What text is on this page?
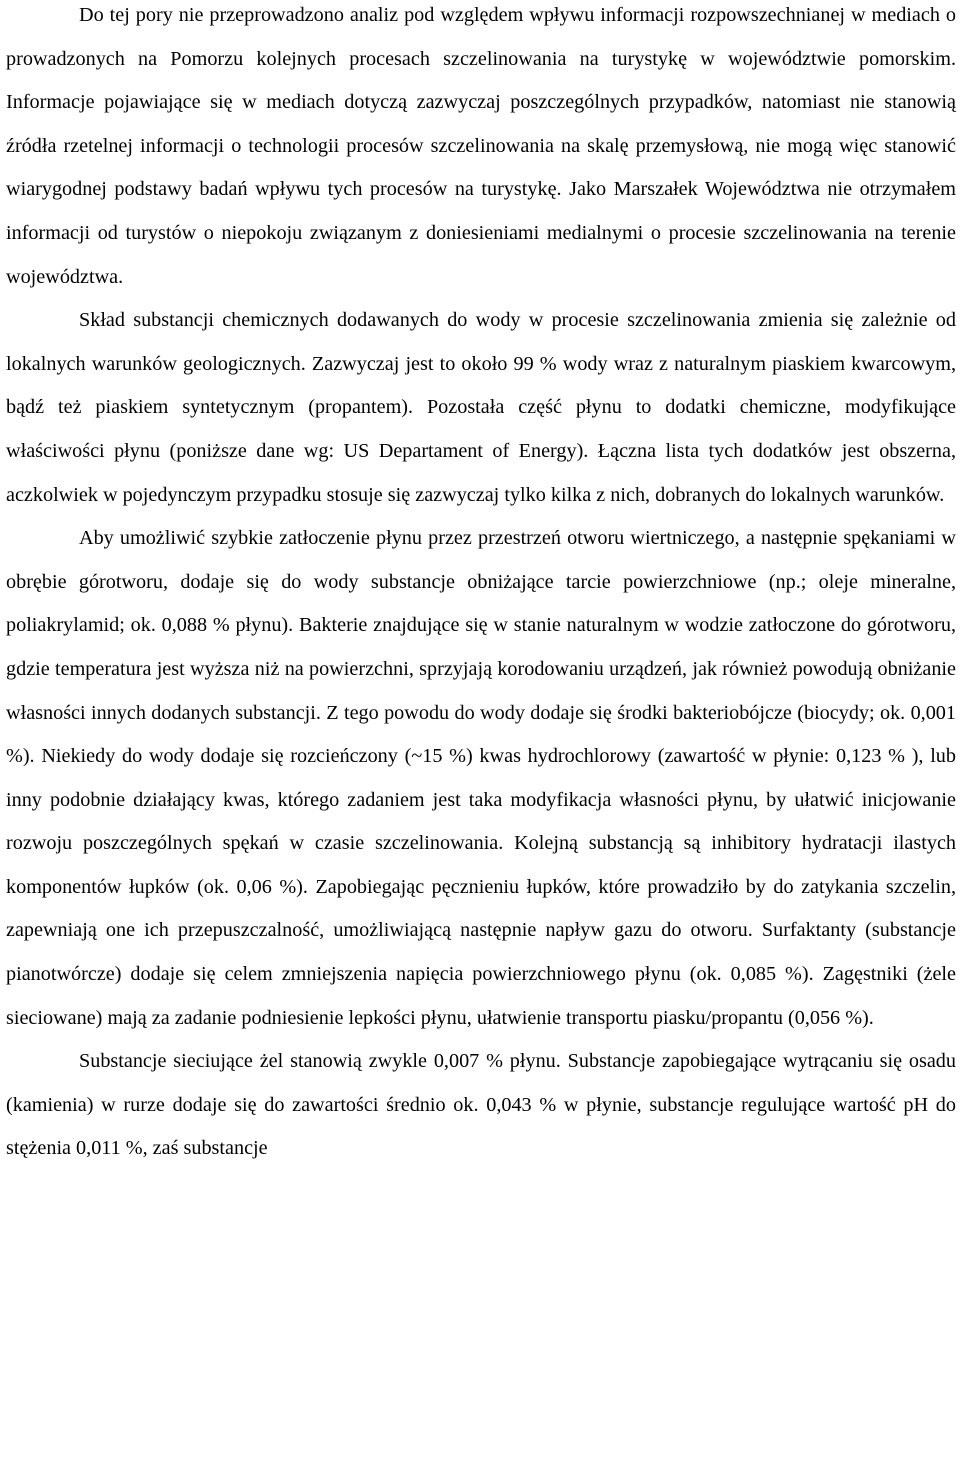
Do tej pory nie przeprowadzono analiz pod względem wpływu informacji rozpowszechnianej w mediach o prowadzonych na Pomorzu kolejnych procesach szczelinowania na turystykę w województwie pomorskim. Informacje pojawiające się w mediach dotyczą zazwyczaj poszczególnych przypadków, natomiast nie stanowią źródła rzetelnej informacji o technologii procesów szczelinowania na skalę przemysłową, nie mogą więc stanowić wiarygodnej podstawy badań wpływu tych procesów na turystykę. Jako Marszałek Województwa nie otrzymałem informacji od turystów o niepokoju związanym z doniesieniami medialnymi o procesie szczelinowania na terenie województwa.

Skład substancji chemicznych dodawanych do wody w procesie szczelinowania zmienia się zależnie od lokalnych warunków geologicznych. Zazwyczaj jest to około 99 % wody wraz z naturalnym piaskiem kwarcowym, bądź też piaskiem syntetycznym (propantem). Pozostała część płynu to dodatki chemiczne, modyfikujące właściwości płynu (poniższe dane wg: US Departament of Energy). Łączna lista tych dodatków jest obszerna, aczkolwiek w pojedynczym przypadku stosuje się zazwyczaj tylko kilka z nich, dobranych do lokalnych warunków.

Aby umożliwić szybkie zatłoczenie płynu przez przestrzeń otworu wiertniczego, a następnie spękaniami w obrębie górotworu, dodaje się do wody substancje obniżające tarcie powierzchniowe (np.; oleje mineralne, poliakrylamid; ok. 0,088 % płynu). Bakterie znajdujące się w stanie naturalnym w wodzie zatłoczone do górotworu, gdzie temperatura jest wyższa niż na powierzchni, sprzyjają korodowaniu urządzeń, jak również powodują obniżanie własności innych dodanych substancji. Z tego powodu do wody dodaje się środki bakteriobójcze (biocydy; ok. 0,001 %). Niekiedy do wody dodaje się rozcieńczony (~15 %) kwas hydrochlorowy (zawartość w płynie: 0,123 % ), lub inny podobnie działający kwas, którego zadaniem jest taka modyfikacja własności płynu, by ułatwić inicjowanie rozwoju poszczególnych spękań w czasie szczelinowania. Kolejną substancją są inhibitory hydratacji ilastych komponentów łupków (ok. 0,06 %). Zapobiegając pęcznieniu łupków, które prowadziło by do zatykania szczelin, zapewniają one ich przepuszczalność, umożliwiającą następnie napływ gazu do otworu. Surfaktanty (substancje pianotwórcze) dodaje się celem zmniejszenia napięcia powierzchniowego płynu (ok. 0,085 %). Zagęstniki (żele sieciowane) mają za zadanie podniesienie lepkości płynu, ułatwienie transportu piasku/propantu (0,056 %).

Substancje sieciujące żel stanowią zwykle 0,007 % płynu. Substancje zapobiegające wytrącaniu się osadu (kamienia) w rurze dodaje się do zawartości średnio ok. 0,043 % w płynie, substancje regulujące wartość pH do stężenia 0,011 %, zaś substancje
